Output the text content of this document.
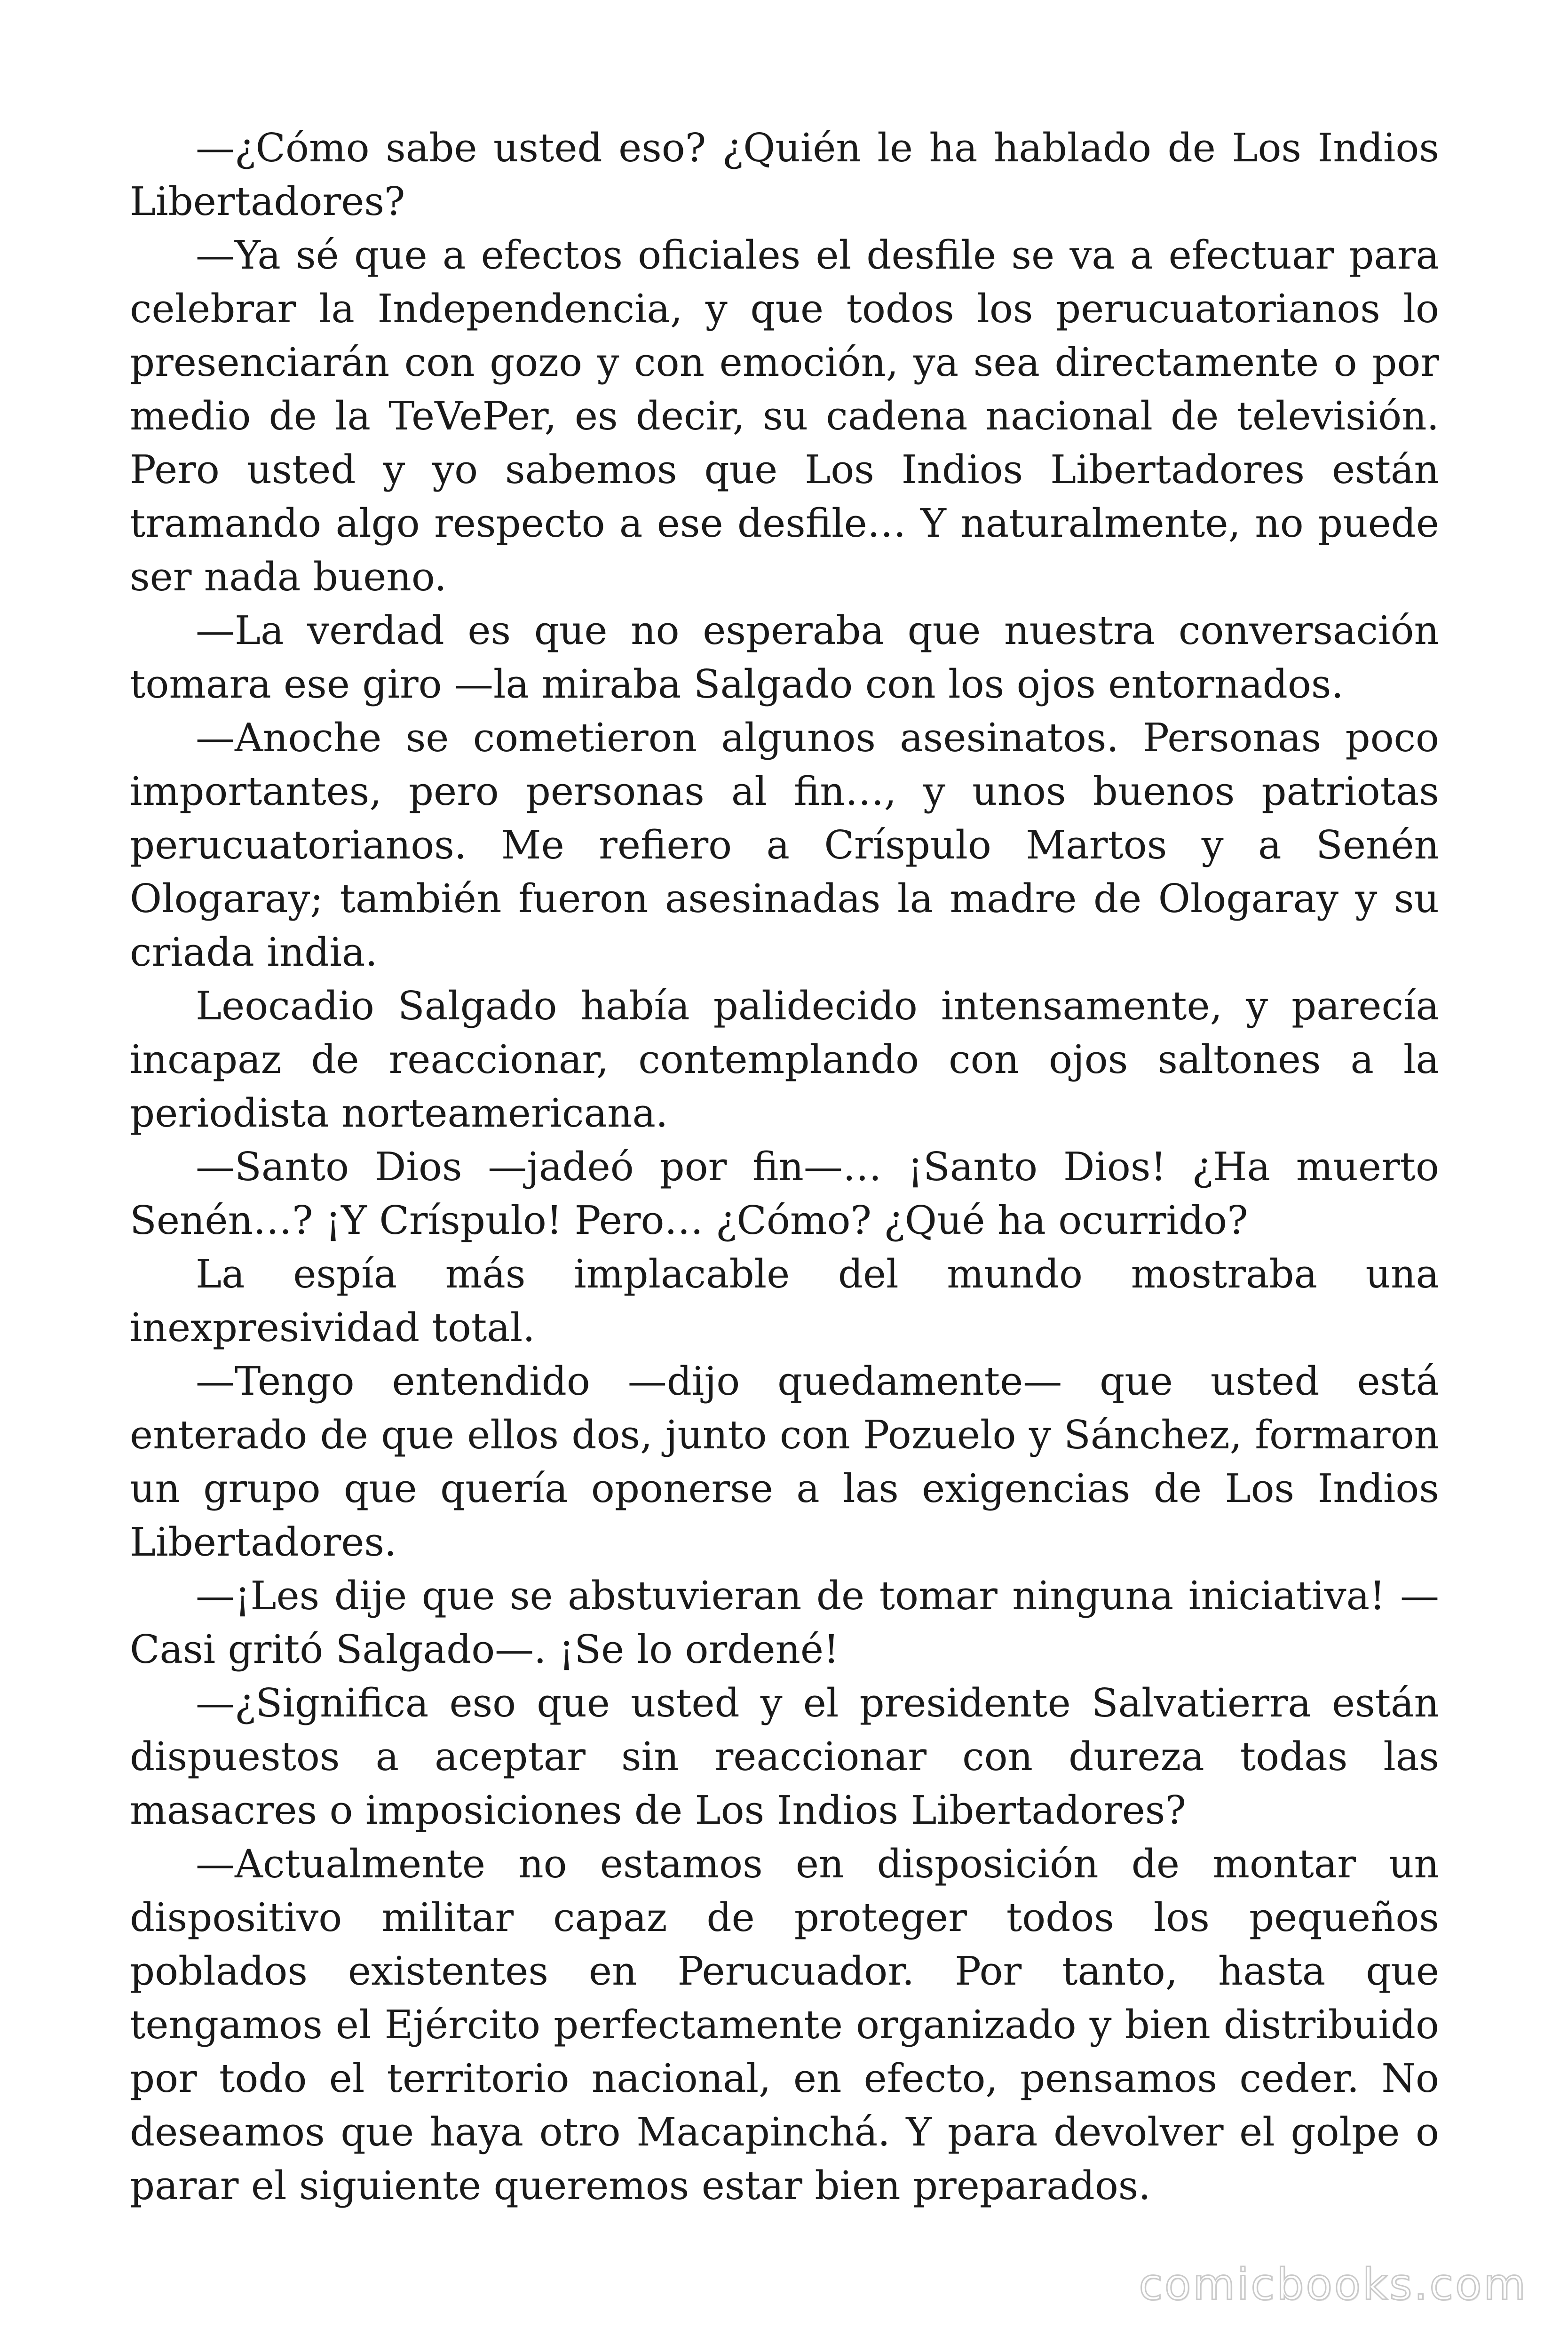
—¿Cómo sabe usted eso? ¿Quién le ha hablado de Los Indios Libertadores?

—Ya sé que a efectos oficiales el desfile se va a efectuar para celebrar la Independencia, y que todos los perucuatorianos lo presenciarán con gozo y con emoción, ya sea directamente o por medio de la TeVePer, es decir, su cadena nacional de televisión. Pero usted y yo sabemos que Los Indios Libertadores están tramando algo respecto a ese desfile… Y naturalmente, no puede ser nada bueno.

—La verdad es que no esperaba que nuestra conversación tomara ese giro —la miraba Salgado con los ojos entornados.

—Anoche se cometieron algunos asesinatos. Personas poco importantes, pero personas al fin…, y unos buenos patriotas perucuatorianos. Me refiero a Críspulo Martos y a Senén Ologaray; también fueron asesinadas la madre de Ologaray y su criada india.

Leocadio Salgado había palidecido intensamente, y parecía incapaz de reaccionar, contemplando con ojos saltones a la periodista norteamericana.

—Santo Dios —jadeó por fin—… ¡Santo Dios! ¿Ha muerto Senén…? ¡Y Críspulo! Pero… ¿Cómo? ¿Qué ha ocurrido?

La espía más implacable del mundo mostraba una inexpresividad total.

—Tengo entendido —dijo quedamente— que usted está enterado de que ellos dos, junto con Pozuelo y Sánchez, formaron un grupo que quería oponerse a las exigencias de Los Indios Libertadores.

—¡Les dije que se abstuvieran de tomar ninguna iniciativa! —Casi gritó Salgado—. ¡Se lo ordené!

—¿Significa eso que usted y el presidente Salvatierra están dispuestos a aceptar sin reaccionar con dureza todas las masacres o imposiciones de Los Indios Libertadores?

—Actualmente no estamos en disposición de montar un dispositivo militar capaz de proteger todos los pequeños poblados existentes en Perucuador. Por tanto, hasta que tengamos el Ejército perfectamente organizado y bien distribuido por todo el territorio nacional, en efecto, pensamos ceder. No deseamos que haya otro Macapinchá. Y para devolver el golpe o parar el siguiente queremos estar bien preparados.

comicbooks.com
